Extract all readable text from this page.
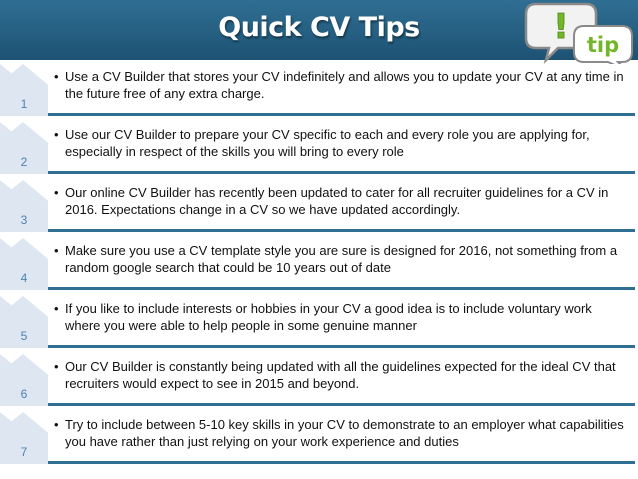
Quick CV Tips	! tip
1
• Use a CV Builder that stores your CV indefinitely and allows you to update your CV at any time in the future free of any extra charge.
2
• Use our CV Builder to prepare your CV specific to each and every role you are applying for, especially in respect of the skills you will bring to every role
3
• Our online CV Builder has recently been updated to cater for all recruiter guidelines for a CV in 2016. Expectations change in a CV so we have updated accordingly.
4
• Make sure you use a CV template style you are sure is designed for 2016, not something from a random google search that could be 10 years out of date
5
• If you like to include interests or hobbies in your CV a good idea is to include voluntary work where you were able to help people in some genuine manner
6
• Our CV Builder is constantly being updated with all the guidelines expected for the ideal CV that recruiters would expect to see in 2015 and beyond.
7
• Try to include between 5-10 key skills in your CV to demonstrate to an employer what capabilities you have rather than just relying on your work experience and duties
